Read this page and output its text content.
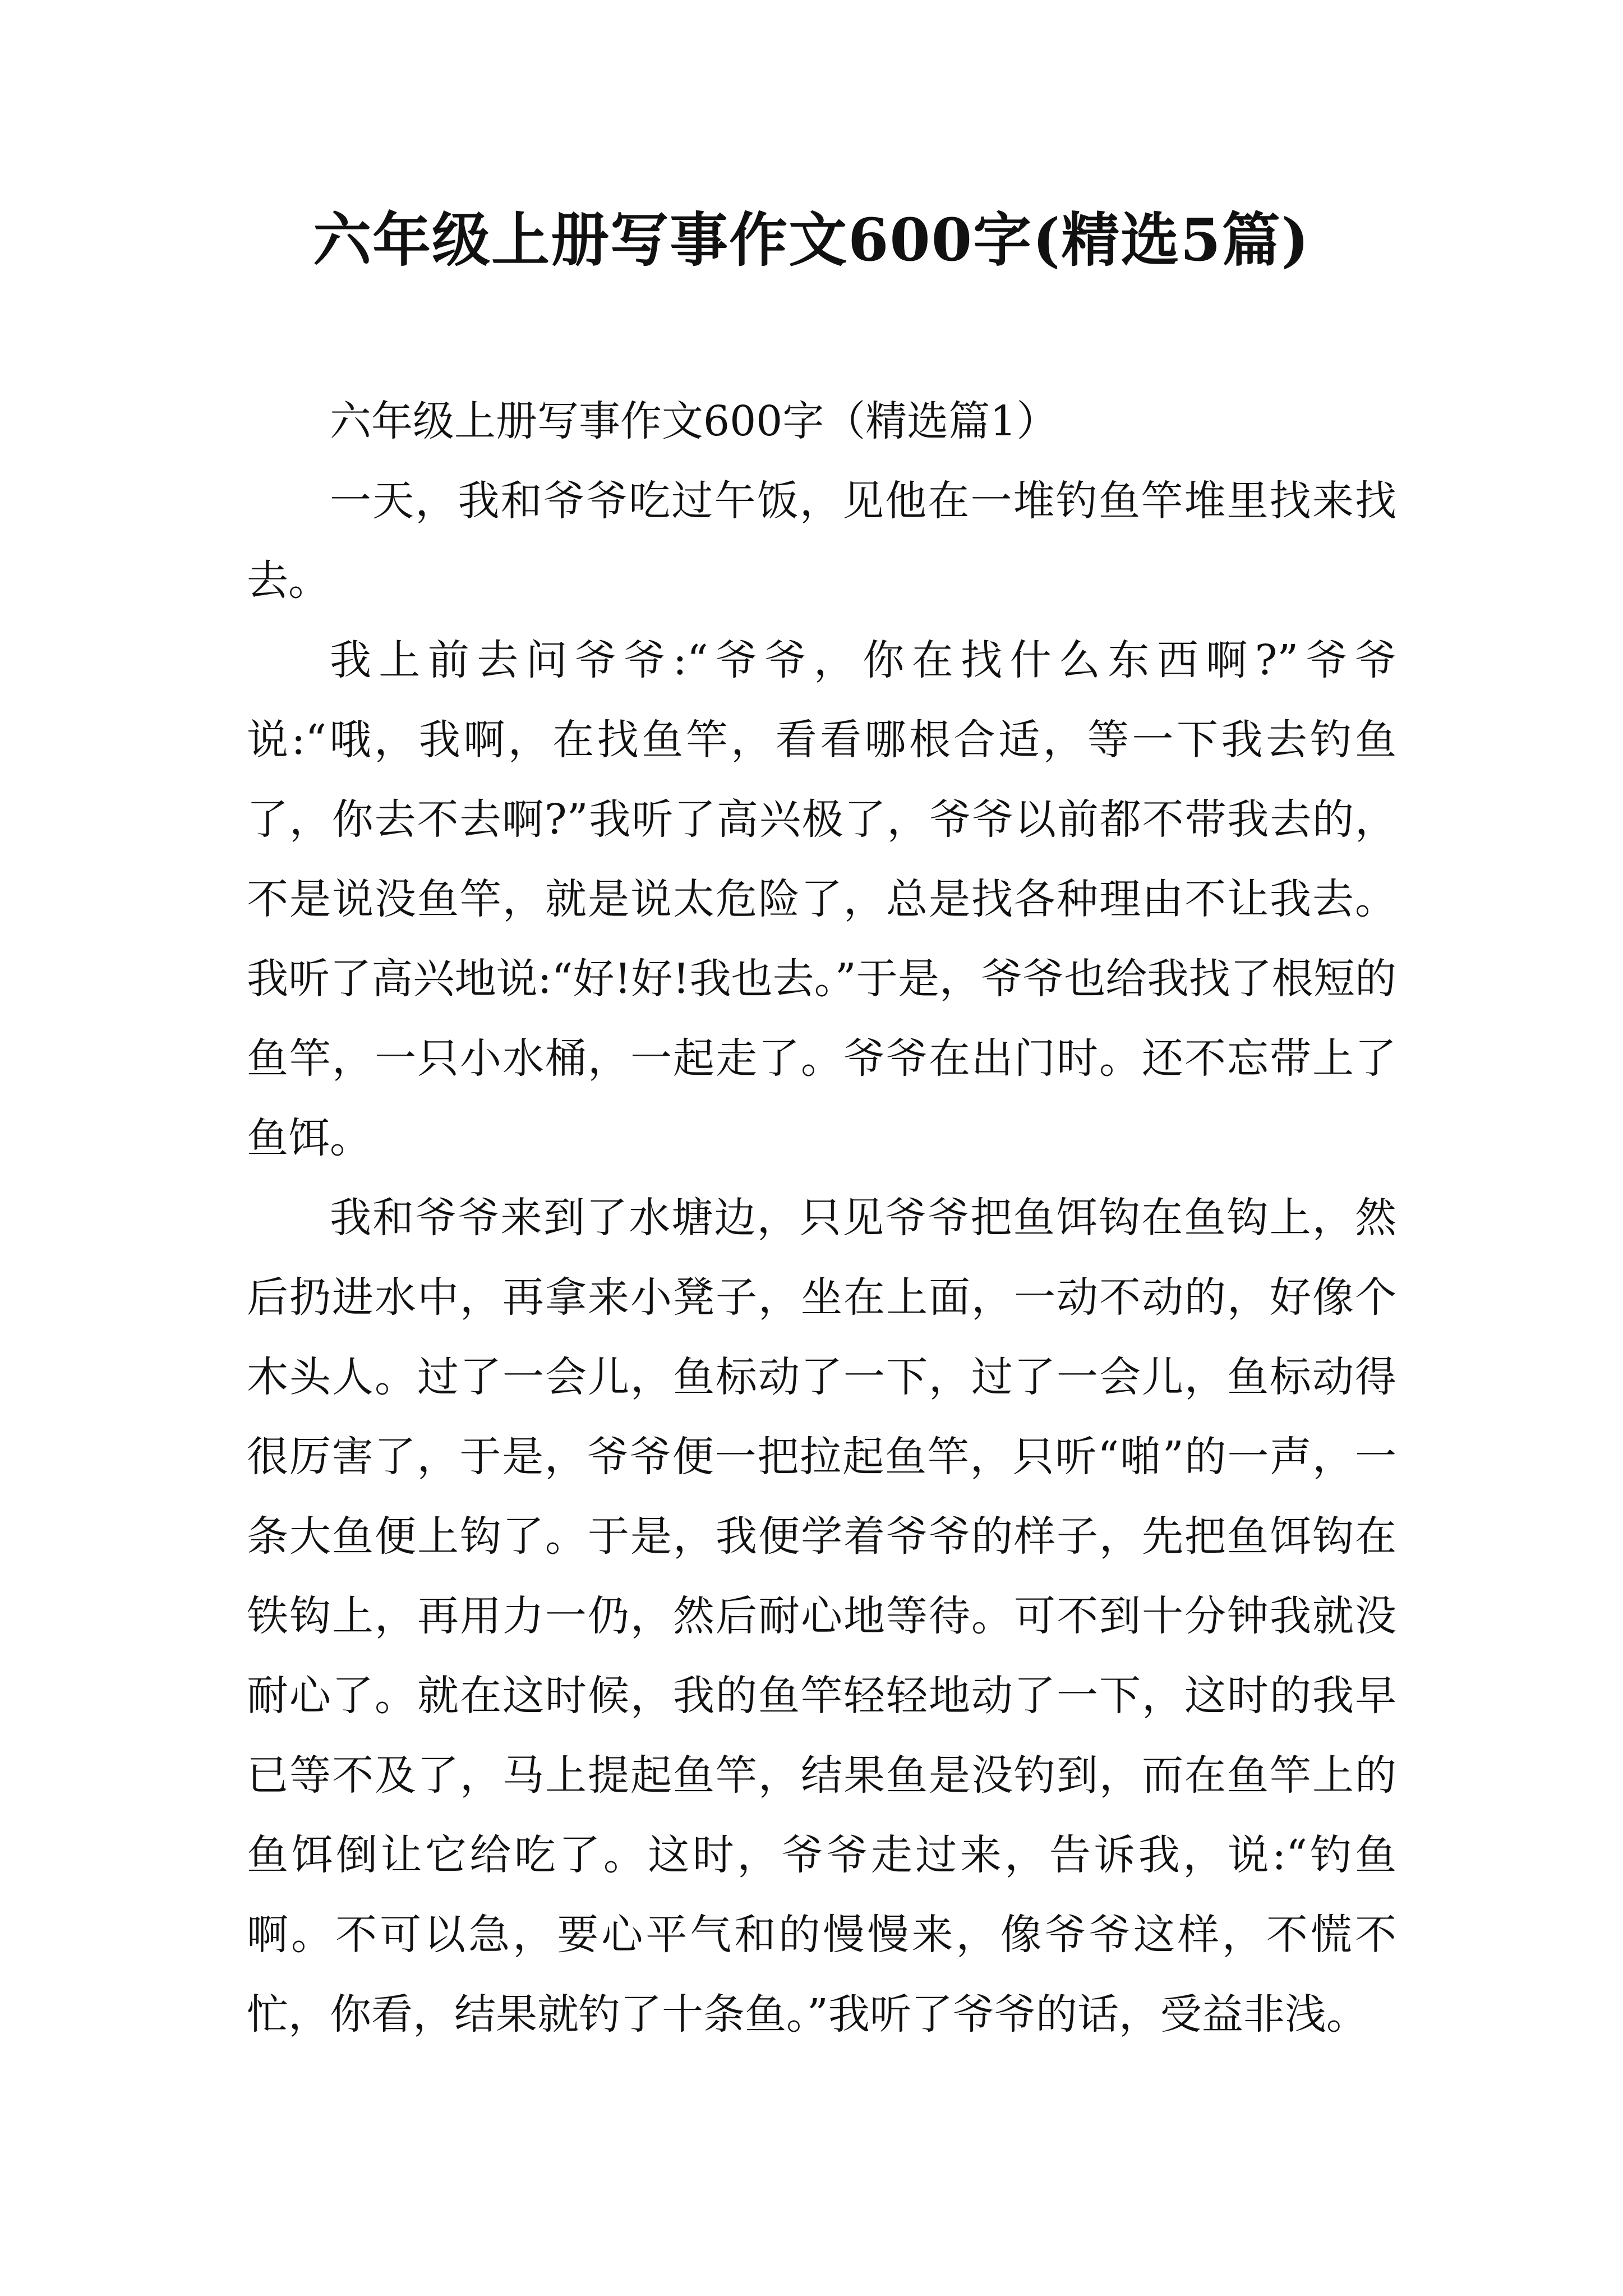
六年级上册写事作文600字(精选5篇)

六年级上册写事作文600字（精选篇1）

一天，我和爷爷吃过午饭，见他在一堆钓鱼竿堆里找来找去。

我上前去问爷爷:“爷爷，你在找什么东西啊?”爷爷说:“哦，我啊，在找鱼竿，看看哪根合适，等一下我去钓鱼了，你去不去啊?”我听了高兴极了，爷爷以前都不带我去的，不是说没鱼竿，就是说太危险了，总是找各种理由不让我去。我听了高兴地说:“好!好!我也去。”于是，爷爷也给我找了根短的鱼竿，一只小水桶，一起走了。爷爷在出门时。还不忘带上了鱼饵。

我和爷爷来到了水塘边，只见爷爷把鱼饵钩在鱼钩上，然后扔进水中，再拿来小凳子，坐在上面，一动不动的，好像个木头人。过了一会儿，鱼标动了一下，过了一会儿，鱼标动得很厉害了，于是，爷爷便一把拉起鱼竿，只听“啪”的一声，一条大鱼便上钩了。于是，我便学着爷爷的样子，先把鱼饵钩在铁钩上，再用力一仍，然后耐心地等待。可不到十分钟我就没耐心了。就在这时候，我的鱼竿轻轻地动了一下，这时的我早已等不及了，马上提起鱼竿，结果鱼是没钓到，而在鱼竿上的鱼饵倒让它给吃了。这时，爷爷走过来，告诉我，说:“钓鱼啊。不可以急，要心平气和的慢慢来，像爷爷这样，不慌不忙，你看，结果就钓了十条鱼。”我听了爷爷的话，受益非浅。
